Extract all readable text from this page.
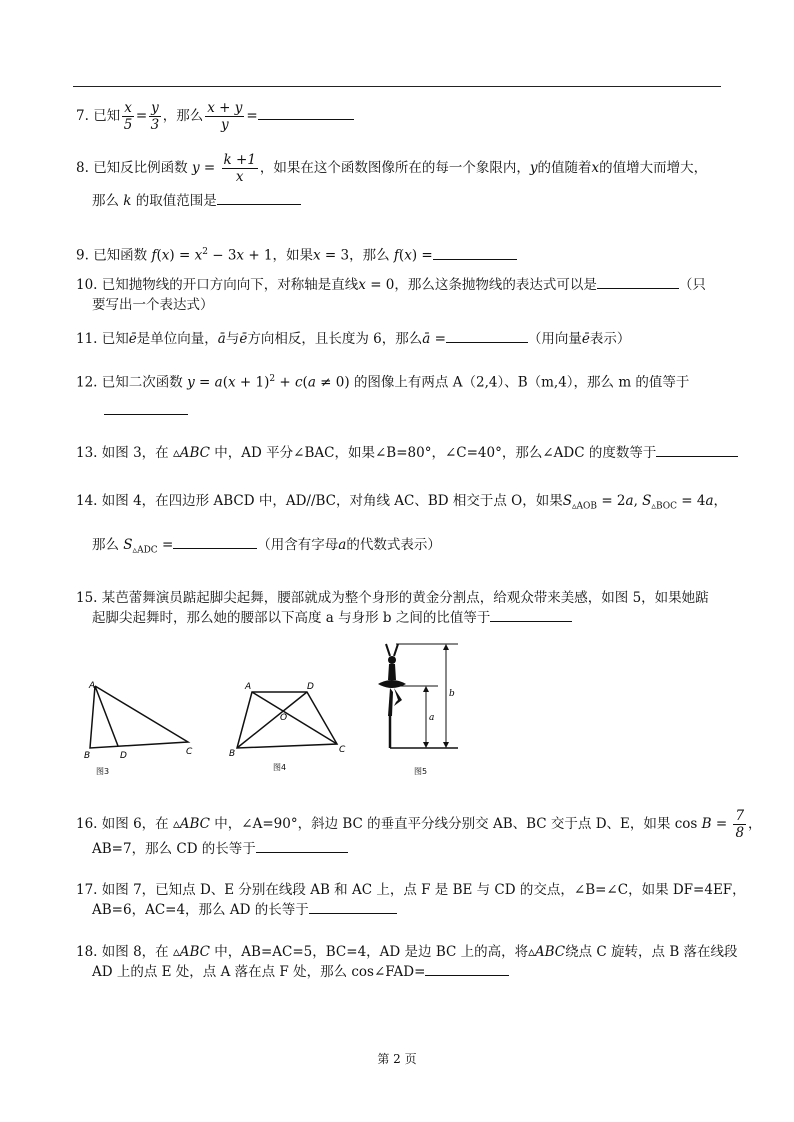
7. 已知 $\frac{x}{5} = \frac{y}{3}$ ，那么 $\frac{x + y}{y}$ =
8. 已知反比例函数 $y = \frac{k +1}{x}$ ，如果在这个函数图像所在的每一个象限内，y的值随着x的值增大而增大，
那么 k 的取值范围是
9. 已知函数 $f(x) = x^2 - 3x + 1$，如果x = 3，那么 f(x) =
10. 已知抛物线的开口方向向下，对称轴是直线x = 0，那么这条抛物线的表达式可以是	（只
要写出一个表达式）
11. 已知ē是单位向量，ā与ē方向相反，且长度为 6，那么ā =	（用向量ē表示）
12. 已知二次函数 $y = a(x + 1)^2 + c(a \ne 0)$ 的图像上有两点 A（2,4）、B（m,4），那么 m 的值等于
13. 如图 3，在 ▵ABC 中，AD 平分∠BAC，如果∠B=80°，∠C=40°，那么∠ADC 的度数等于
14. 如图 4，在四边形 ABCD 中，AD//BC，对角线 AC、BD 相交于点 O，如果$S_{▵AOB} = 2a$, $S_{▵BOC} = 4a$，
那么 $S_{▵ADC}$ =	（用含有字母a的代数式表示）
15. 某芭蕾舞演员踮起脚尖起舞，腰部就成为整个身形的黄金分割点，给观众带来美感，如图 5，如果她踮
起脚尖起舞时，那么她的腰部以下高度 a 与身形 b 之间的比值等于
A
B	D	C
图3
A	D
O
B	C
图4
a
b
图5
16. 如图 6，在 ▵ABC 中，∠A=90°，斜边 BC 的垂直平分线分别交 AB、BC 交于点 D、E，如果 $\cos B = \frac{7}{8}$ ，
AB=7，那么 CD 的长等于
17. 如图 7，已知点 D、E 分别在线段 AB 和 AC 上，点 F 是 BE 与 CD 的交点，∠B=∠C，如果 DF=4EF，
AB=6，AC=4，那么 AD 的长等于
18. 如图 8，在 ▵ABC 中，AB=AC=5，BC=4，AD 是边 BC 上的高，将▵ABC绕点 C 旋转，点 B 落在线段
AD 上的点 E 处，点 A 落在点 F 处，那么 cos∠FAD=
第 2 页
